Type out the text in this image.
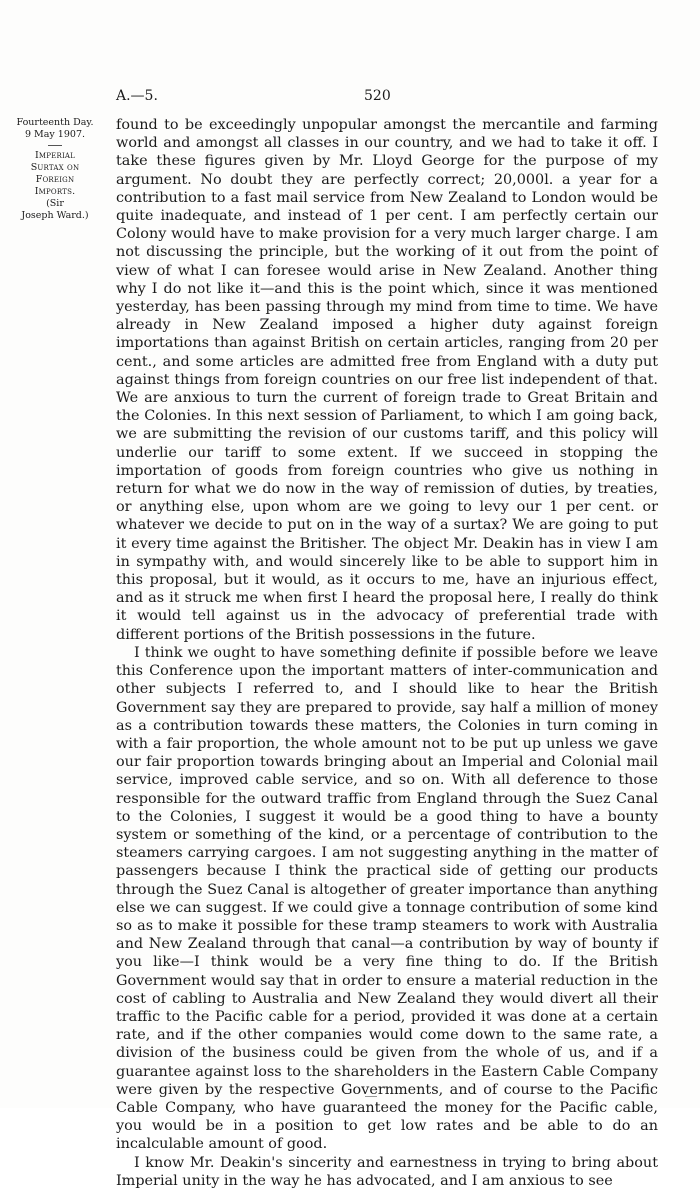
A.—5.	520
Fourteenth Day.
9 May 1907.
Imperial
Surtax on
Foreign
Imports.
(Sir
Joseph Ward.)

found to be exceedingly unpopular amongst the mercantile and farming world and amongst all classes in our country, and we had to take it off. I take these figures given by Mr. Lloyd George for the purpose of my argument. No doubt they are perfectly correct; 20,000l. a year for a contribution to a fast mail service from New Zealand to London would be quite inadequate, and instead of 1 per cent. I am perfectly certain our Colony would have to make provision for a very much larger charge. I am not discussing the principle, but the working of it out from the point of view of what I can foresee would arise in New Zealand. Another thing why I do not like it—and this is the point which, since it was mentioned yesterday, has been passing through my mind from time to time. We have already in New Zealand imposed a higher duty against foreign importations than against British on certain articles, ranging from 20 per cent., and some articles are admitted free from England with a duty put against things from foreign countries on our free list independent of that. We are anxious to turn the current of foreign trade to Great Britain and the Colonies. In this next session of Parliament, to which I am going back, we are submitting the revision of our customs tariff, and this policy will underlie our tariff to some extent. If we succeed in stopping the importation of goods from foreign countries who give us nothing in return for what we do now in the way of remission of duties, by treaties, or anything else, upon whom are we going to levy our 1 per cent. or whatever we decide to put on in the way of a surtax? We are going to put it every time against the Britisher. The object Mr. Deakin has in view I am in sympathy with, and would sincerely like to be able to support him in this proposal, but it would, as it occurs to me, have an injurious effect, and as it struck me when first I heard the proposal here, I really do think it would tell against us in the advocacy of preferential trade with different portions of the British possessions in the future.

I think we ought to have something definite if possible before we leave this Conference upon the important matters of inter-communication and other subjects I referred to, and I should like to hear the British Government say they are prepared to provide, say half a million of money as a contribution towards these matters, the Colonies in turn coming in with a fair proportion, the whole amount not to be put up unless we gave our fair proportion towards bringing about an Imperial and Colonial mail service, improved cable service, and so on. With all deference to those responsible for the outward traffic from England through the Suez Canal to the Colonies, I suggest it would be a good thing to have a bounty system or something of the kind, or a percentage of contribution to the steamers carrying cargoes. I am not suggesting anything in the matter of passengers because I think the practical side of getting our products through the Suez Canal is altogether of greater importance than anything else we can suggest. If we could give a tonnage contribution of some kind so as to make it possible for these tramp steamers to work with Australia and New Zealand through that canal—a contribution by way of bounty if you like—I think would be a very fine thing to do. If the British Government would say that in order to ensure a material reduction in the cost of cabling to Australia and New Zealand they would divert all their traffic to the Pacific cable for a period, provided it was done at a certain rate, and if the other companies would come down to the same rate, a division of the business could be given from the whole of us, and if a guarantee against loss to the shareholders in the Eastern Cable Company were given by the respective Governments, and of course to the Pacific Cable Company, who have guaranteed the money for the Pacific cable, you would be in a position to get low rates and be able to do an incalculable amount of good.

I know Mr. Deakin's sincerity and earnestness in trying to bring about Imperial unity in the way he has advocated, and I am anxious to see
